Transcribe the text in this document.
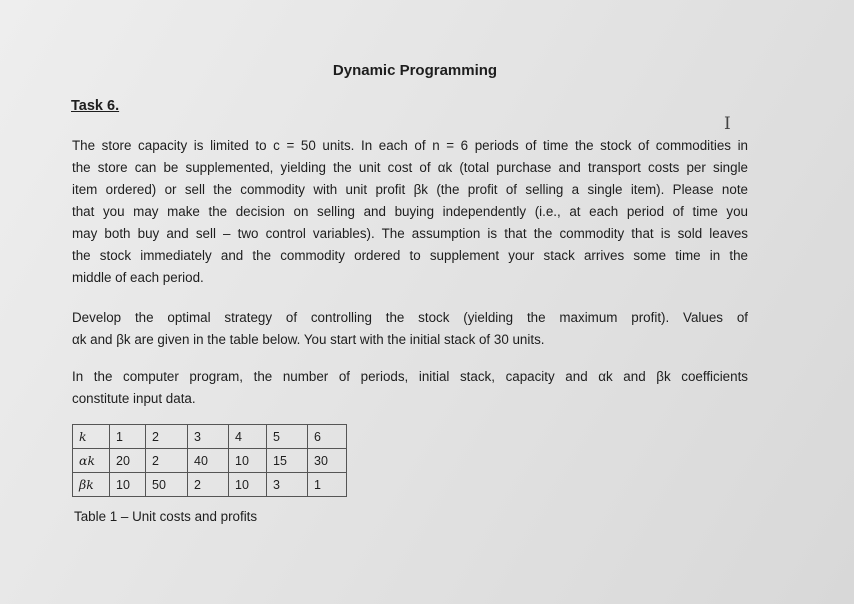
Dynamic Programming
Task 6.
I
The store capacity is limited to c = 50 units. In each of n = 6 periods of time the stock of commodities in
the store can be supplemented, yielding the unit cost of αk (total purchase and transport costs per single
item ordered) or sell the commodity with unit profit βk (the profit of selling a single item). Please note
that you may make the decision on selling and buying independently (i.e., at each period of time you
may both buy and sell – two control variables). The assumption is that the commodity that is sold leaves
the stock immediately and the commodity ordered to supplement your stack arrives some time in the
middle of each period.
Develop the optimal strategy of controlling the stock (yielding the maximum profit). Values of
αk and βk are given in the table below. You start with the initial stack of 30 units.
In the computer program, the number of periods, initial stack, capacity and αk and βk coefficients
constitute input data.
k	1	2	3	4	5	6
αk	20	2	40	10	15	30
βk	10	50	2	10	3	1
Table 1 – Unit costs and profits
